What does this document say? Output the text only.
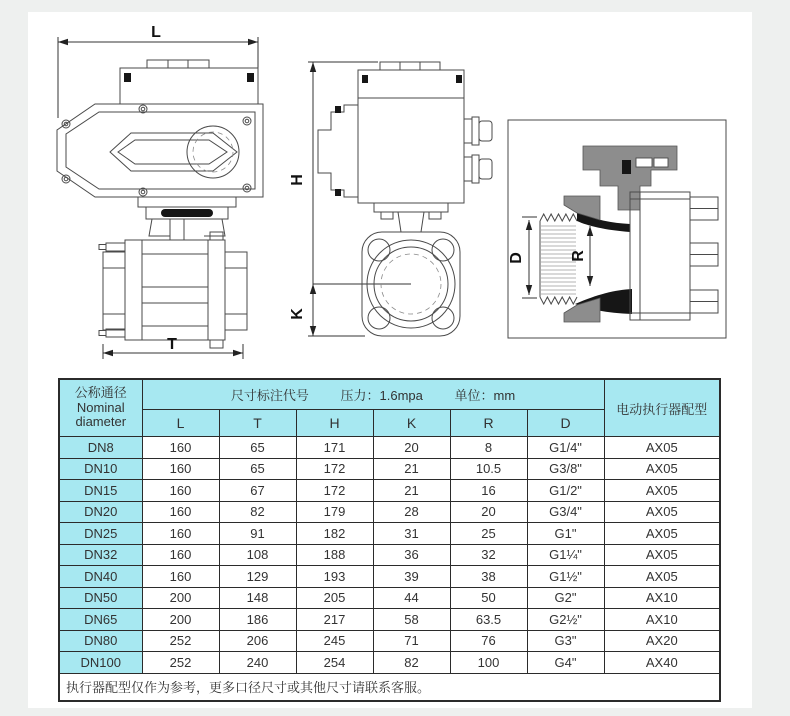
L
T
H
K
D	R
公称通径
Nominal
diameter	尺寸标注代号 压力：1.6mpa 单位：mm						电动执行器配型
	L	T	H	K	R	D	
DN8	160	65	171	20	8	G1/4"	AX05
DN10	160	65	172	21	10.5	G3/8"	AX05
DN15	160	67	172	21	16	G1/2"	AX05
DN20	160	82	179	28	20	G3/4"	AX05
DN25	160	91	182	31	25	G1"	AX05
DN32	160	108	188	36	32	G1¼"	AX05
DN40	160	129	193	39	38	G1½"	AX05
DN50	200	148	205	44	50	G2"	AX10
DN65	200	186	217	58	63.5	G2½"	AX10
DN80	252	206	245	71	76	G3"	AX20
DN100	252	240	254	82	100	G4"	AX40
执行器配型仅作为参考，更多口径尺寸或其他尺寸请联系客服。							
